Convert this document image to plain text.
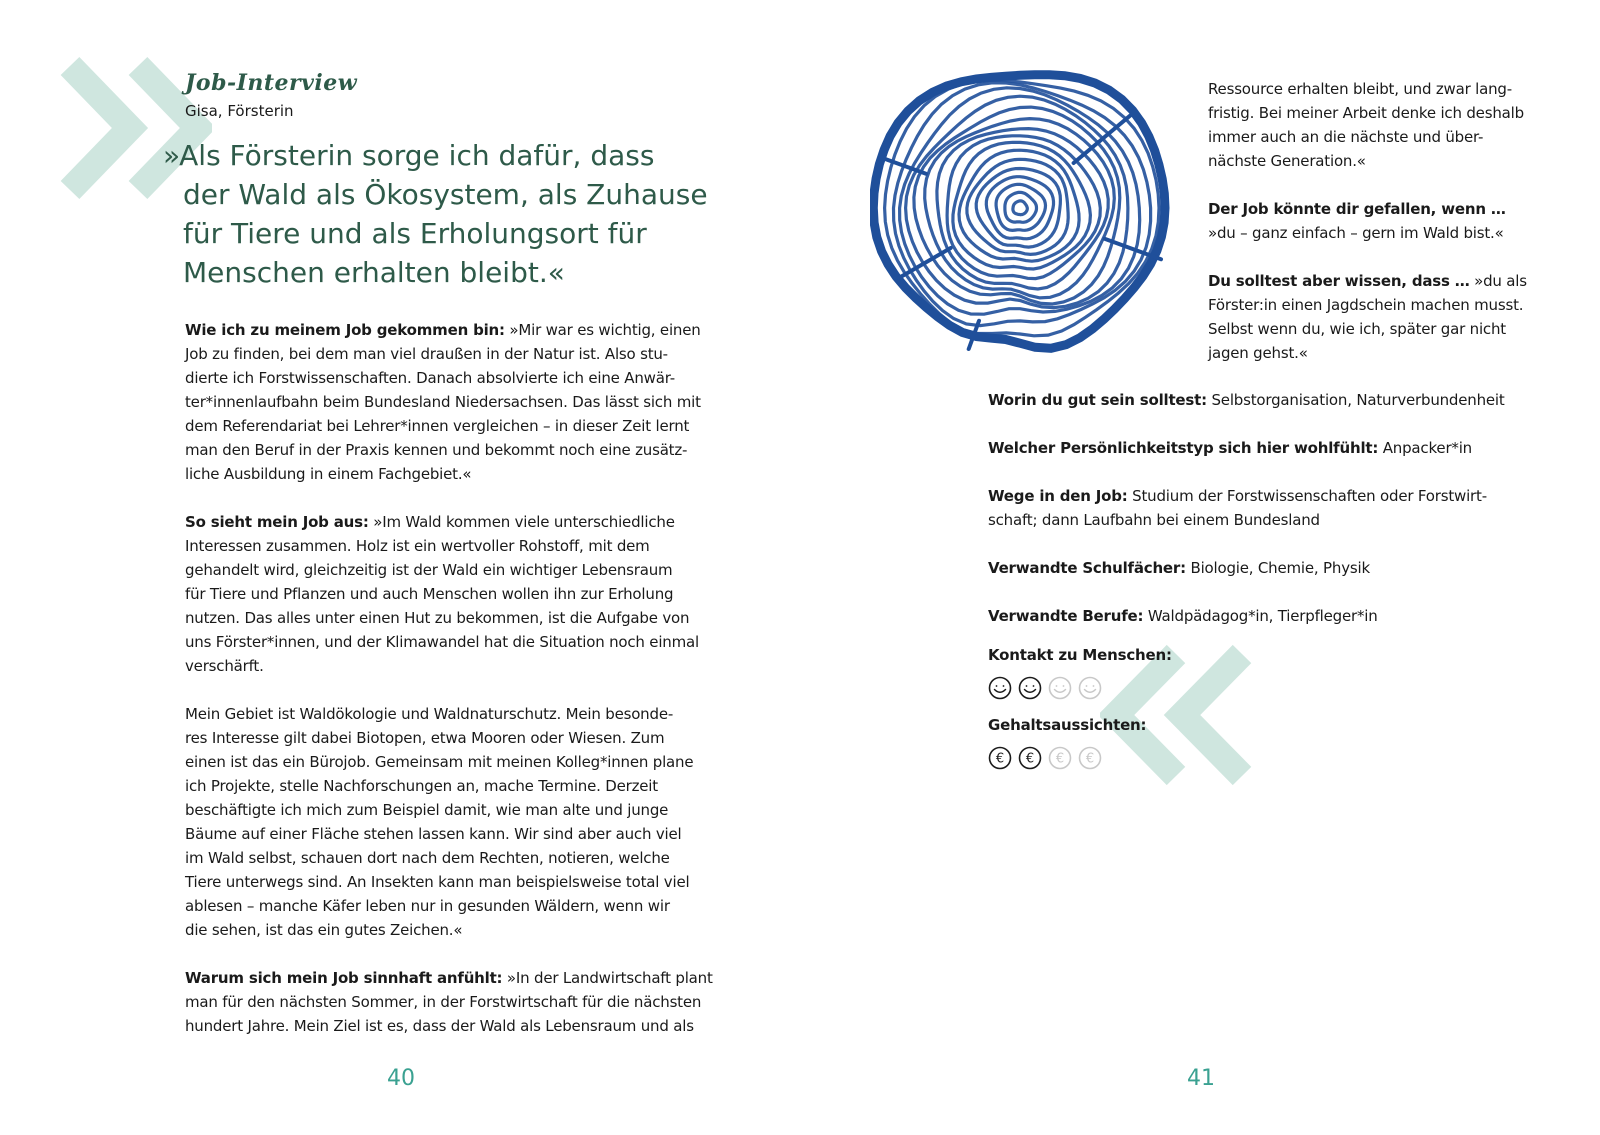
Job-Interview
Gisa, Försterin
»Als Försterin sorge ich dafür, dass
der Wald als Ökosystem, als Zuhause
für Tiere und als Erholungsort für
Menschen erhalten bleibt.«

Wie ich zu meinem Job gekommen bin: »Mir war es wichtig, einen
Job zu finden, bei dem man viel draußen in der Natur ist. Also stu-
dierte ich Forstwissenschaften. Danach absolvierte ich eine Anwär-
ter*innenlaufbahn beim Bundesland Niedersachsen. Das lässt sich mit
dem Referendariat bei Lehrer*innen vergleichen – in dieser Zeit lernt
man den Beruf in der Praxis kennen und bekommt noch eine zusätz-
liche Ausbildung in einem Fachgebiet.«

So sieht mein Job aus: »Im Wald kommen viele unterschiedliche
Interessen zusammen. Holz ist ein wertvoller Rohstoff, mit dem
gehandelt wird, gleichzeitig ist der Wald ein wichtiger Lebensraum
für Tiere und Pflanzen und auch Menschen wollen ihn zur Erholung
nutzen. Das alles unter einen Hut zu bekommen, ist die Aufgabe von
uns Förster*innen, und der Klimawandel hat die Situation noch einmal
verschärft.

Mein Gebiet ist Waldökologie und Waldnaturschutz. Mein besonde-
res Interesse gilt dabei Biotopen, etwa Mooren oder Wiesen. Zum
einen ist das ein Bürojob. Gemeinsam mit meinen Kolleg*innen plane
ich Projekte, stelle Nachforschungen an, mache Termine. Derzeit
beschäftigte ich mich zum Beispiel damit, wie man alte und junge
Bäume auf einer Fläche stehen lassen kann. Wir sind aber auch viel
im Wald selbst, schauen dort nach dem Rechten, notieren, welche
Tiere unterwegs sind. An Insekten kann man beispielsweise total viel
ablesen – manche Käfer leben nur in gesunden Wäldern, wenn wir
die sehen, ist das ein gutes Zeichen.«

Warum sich mein Job sinnhaft anfühlt: »In der Landwirtschaft plant
man für den nächsten Sommer, in der Forstwirtschaft für die nächsten
hundert Jahre. Mein Ziel ist es, dass der Wald als Lebensraum und als

40

Ressource erhalten bleibt, und zwar lang-
fristig. Bei meiner Arbeit denke ich deshalb
immer auch an die nächste und über-
nächste Generation.«

Der Job könnte dir gefallen, wenn …
»du – ganz einfach – gern im Wald bist.«

Du solltest aber wissen, dass … »du als
Förster:in einen Jagdschein machen musst.
Selbst wenn du, wie ich, später gar nicht
jagen gehst.«

Worin du gut sein solltest: Selbstorganisation, Naturverbundenheit

Welcher Persönlichkeitstyp sich hier wohlfühlt: Anpacker*in

Wege in den Job: Studium der Forstwissenschaften oder Forstwirt-
schaft; dann Laufbahn bei einem Bundesland

Verwandte Schulfächer: Biologie, Chemie, Physik

Verwandte Berufe: Waldpädagog*in, Tierpfleger*in

Kontakt zu Menschen:
Gehaltsaussichten:
€ € € €
41
